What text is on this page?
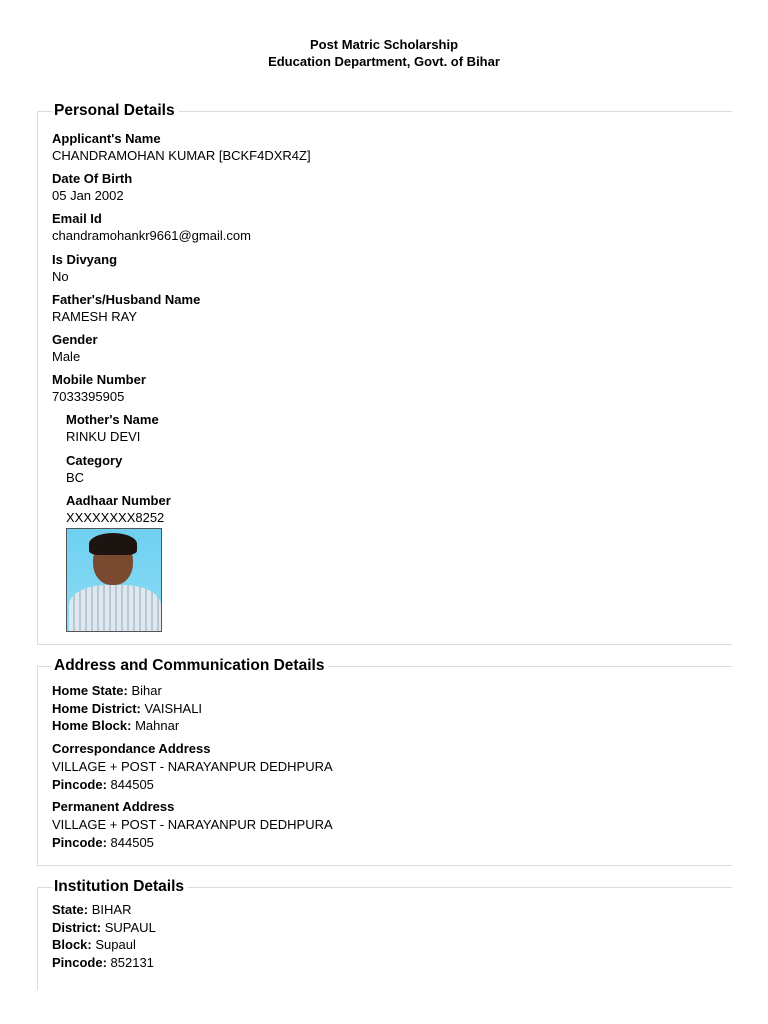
Post Matric Scholarship
Education Department, Govt. of Bihar
Personal Details
Applicant's Name
CHANDRAMOHAN KUMAR [BCKF4DXR4Z]
Date Of Birth
05 Jan 2002
Email Id
chandramohankr9661@gmail.com
Is Divyang
No
Father's/Husband Name
RAMESH RAY
Gender
Male
Mobile Number
7033395905
Mother's Name
RINKU DEVI
Category
BC
Aadhaar Number
XXXXXXXX8252
Address and Communication Details
Home State: Bihar
Home District: VAISHALI
Home Block: Mahnar
Correspondance Address
VILLAGE + POST - NARAYANPUR DEDHPURA
Pincode: 844505
Permanent Address
VILLAGE + POST - NARAYANPUR DEDHPURA
Pincode: 844505
Institution Details
State: BIHAR
District: SUPAUL
Block: Supaul
Pincode: 852131
